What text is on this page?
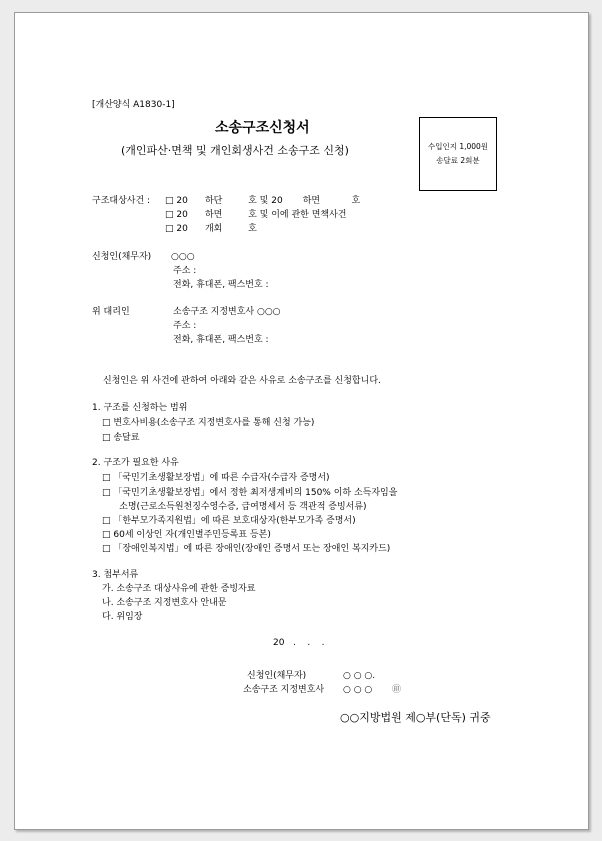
[개산양식 A1830-1]
소송구조신청서
(개인파산·면책 및 개인회생사건 소송구조 신청)	수입인지 1,000원
송달료 2회분
구조대상사건 : □ 20      하단         호 및 20       하면           호
□ 20      하면         호 및 이에 관한 면책사건
□ 20      개회         호
신청인(채무자) ○○○
주소 :
전화, 휴대폰, 팩스번호 :
위 대리인	소송구조 지정변호사 ○○○
주소 :
전화, 휴대폰, 팩스번호 :
신청인은 위 사건에 관하여 아래와 같은 사유로 소송구조를 신청합니다.
1. 구조를 신청하는 범위
□ 변호사비용(소송구조 지정변호사를 통해 신청 가능)
□ 송달료
2. 구조가 필요한 사유
□ 「국민기초생활보장법」에 따른 수급자(수급자 증명서)
□ 「국민기초생활보장법」에서 정한 최저생계비의 150% 이하 소득자임을
소명(근로소득원천징수영수증, 급여명세서 등 객관적 증빙서류)
□ 「한부모가족지원법」에 따른 보호대상자(한부모가족 증명서)
□ 60세 이상인 자(개인별주민등록표 등본)
□ 「장애인복지법」에 따른 장애인(장애인 증명서 또는 장애인 복지카드)
3. 첨부서류
가. 소송구조 대상사유에 관한 증빙자료
나. 소송구조 지정변호사 안내문
다. 위임장
20   .    .    .
신청인(채무자)	○ ○ ○.
소송구조 지정변호사 ○ ○ ○ ㊞
○○지방법원 제○부(단독) 귀중
